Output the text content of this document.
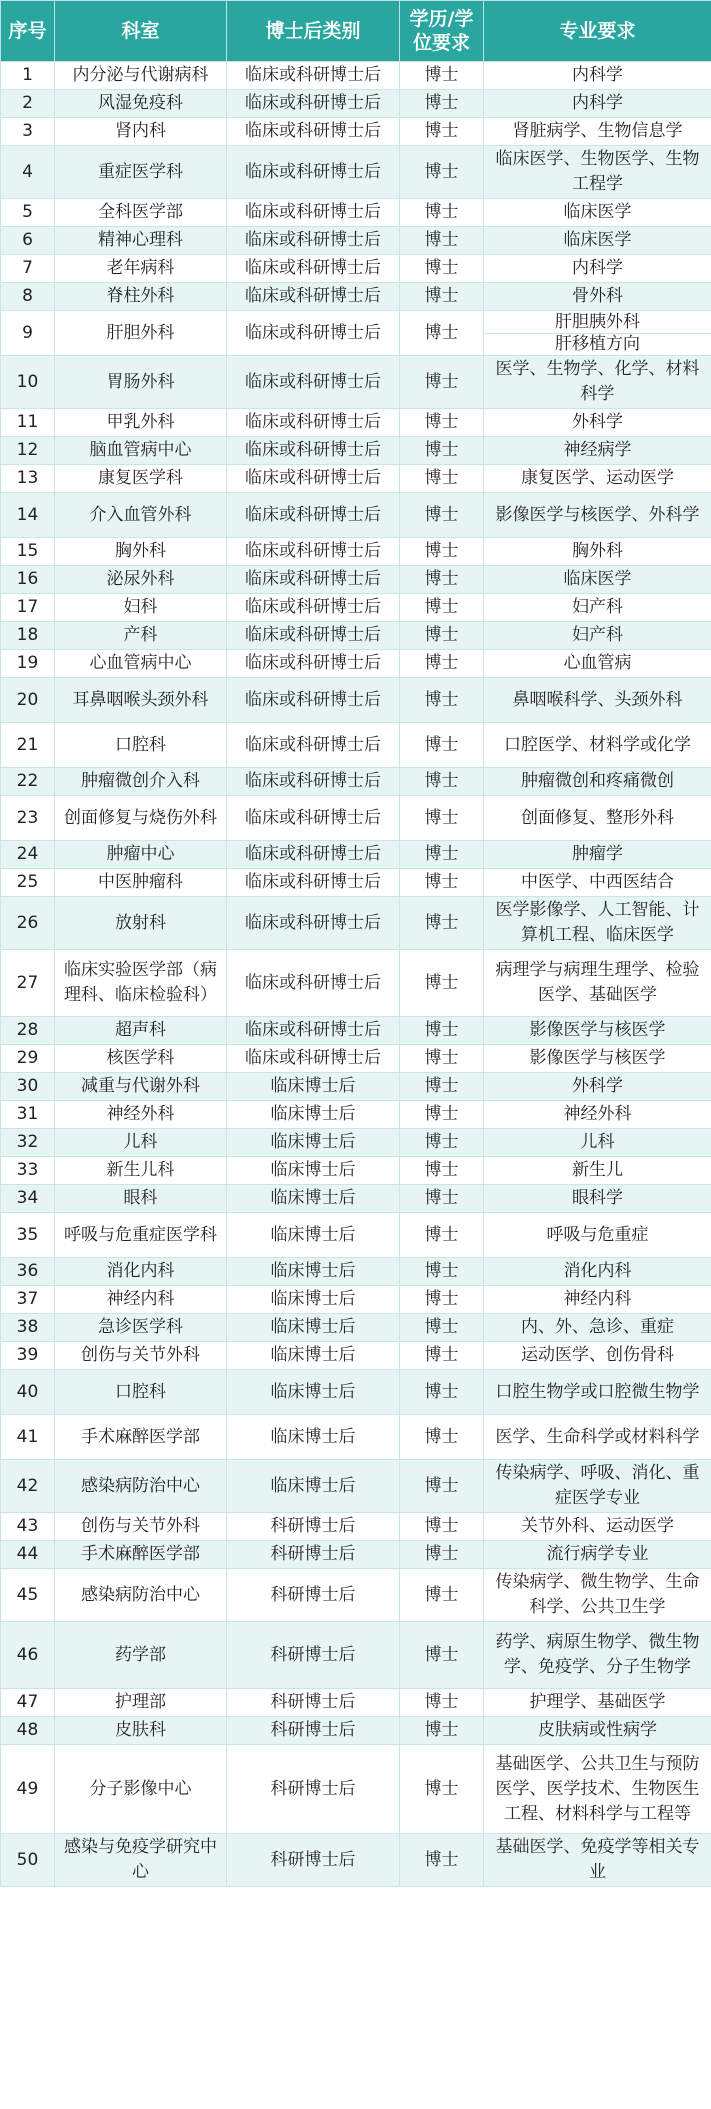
序号	科室	博士后类别	学历/学位要求	专业要求
1	内分泌与代谢病科	临床或科研博士后	博士	内科学
2	风湿免疫科	临床或科研博士后	博士	内科学
3	肾内科	临床或科研博士后	博士	肾脏病学、生物信息学
4	重症医学科	临床或科研博士后	博士	临床医学、生物医学、生物工程学
5	全科医学部	临床或科研博士后	博士	临床医学
6	精神心理科	临床或科研博士后	博士	临床医学
7	老年病科	临床或科研博士后	博士	内科学
8	脊柱外科	临床或科研博士后	博士	骨外科
9	肝胆外科	临床或科研博士后	博士	肝胆胰外科
肝移植方向

10	胃肠外科	临床或科研博士后	博士	医学、生物学、化学、材料科学
11	甲乳外科	临床或科研博士后	博士	外科学
12	脑血管病中心	临床或科研博士后	博士	神经病学
13	康复医学科	临床或科研博士后	博士	康复医学、运动医学
14	介入血管外科	临床或科研博士后	博士	影像医学与核医学、外科学
15	胸外科	临床或科研博士后	博士	胸外科
16	泌尿外科	临床或科研博士后	博士	临床医学
17	妇科	临床或科研博士后	博士	妇产科
18	产科	临床或科研博士后	博士	妇产科
19	心血管病中心	临床或科研博士后	博士	心血管病
20	耳鼻咽喉头颈外科	临床或科研博士后	博士	鼻咽喉科学、头颈外科
21	口腔科	临床或科研博士后	博士	口腔医学、材料学或化学
22	肿瘤微创介入科	临床或科研博士后	博士	肿瘤微创和疼痛微创
23	创面修复与烧伤外科	临床或科研博士后	博士	创面修复、整形外科
24	肿瘤中心	临床或科研博士后	博士	肿瘤学
25	中医肿瘤科	临床或科研博士后	博士	中医学、中西医结合
26	放射科	临床或科研博士后	博士	医学影像学、人工智能、计算机工程、临床医学
27	临床实验医学部（病理科、临床检验科）	临床或科研博士后	博士	病理学与病理生理学、检验医学、基础医学
28	超声科	临床或科研博士后	博士	影像医学与核医学
29	核医学科	临床或科研博士后	博士	影像医学与核医学
30	减重与代谢外科	临床博士后	博士	外科学
31	神经外科	临床博士后	博士	神经外科
32	儿科	临床博士后	博士	儿科
33	新生儿科	临床博士后	博士	新生儿
34	眼科	临床博士后	博士	眼科学
35	呼吸与危重症医学科	临床博士后	博士	呼吸与危重症
36	消化内科	临床博士后	博士	消化内科
37	神经内科	临床博士后	博士	神经内科
38	急诊医学科	临床博士后	博士	内、外、急诊、重症
39	创伤与关节外科	临床博士后	博士	运动医学、创伤骨科
40	口腔科	临床博士后	博士	口腔生物学或口腔微生物学
41	手术麻醉医学部	临床博士后	博士	医学、生命科学或材料科学
42	感染病防治中心	临床博士后	博士	传染病学、呼吸、消化、重症医学专业
43	创伤与关节外科	科研博士后	博士	关节外科、运动医学
44	手术麻醉医学部	科研博士后	博士	流行病学专业
45	感染病防治中心	科研博士后	博士	传染病学、微生物学、生命科学、公共卫生学
46	药学部	科研博士后	博士	药学、病原生物学、微生物学、免疫学、分子生物学
47	护理部	科研博士后	博士	护理学、基础医学
48	皮肤科	科研博士后	博士	皮肤病或性病学
49	分子影像中心	科研博士后	博士	基础医学、公共卫生与预防医学、医学技术、生物医生工程、材料科学与工程等
50	感染与免疫学研究中心	科研博士后	博士	基础医学、免疫学等相关专业
